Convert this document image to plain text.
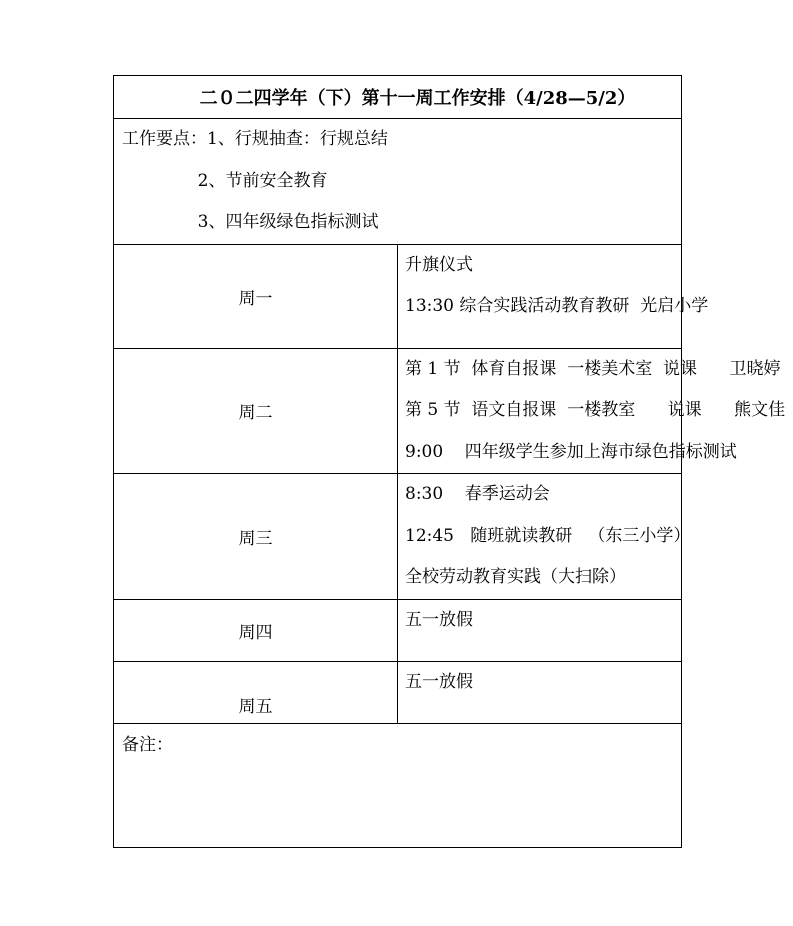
二０二四学年（下）第十一周工作安排（4/28—5/2）	

工作要点：1、行规抽查：行规总结
2、节前安全教育
3、四年级绿色指标测试	

周一	升旗仪式
13:30 综合实践活动教育教研  光启小学

周二	第 1 节  体育自报课  一楼美术室  说课      卫晓婷
第 5 节  语文自报课  一楼教室      说课      熊文佳
9:00    四年级学生参加上海市绿色指标测试

周三	8:30    春季运动会
12:45   随班就读教研   （东三小学）
全校劳动教育实践（大扫除）

周四	五一放假

周五	五一放假

备注：	
